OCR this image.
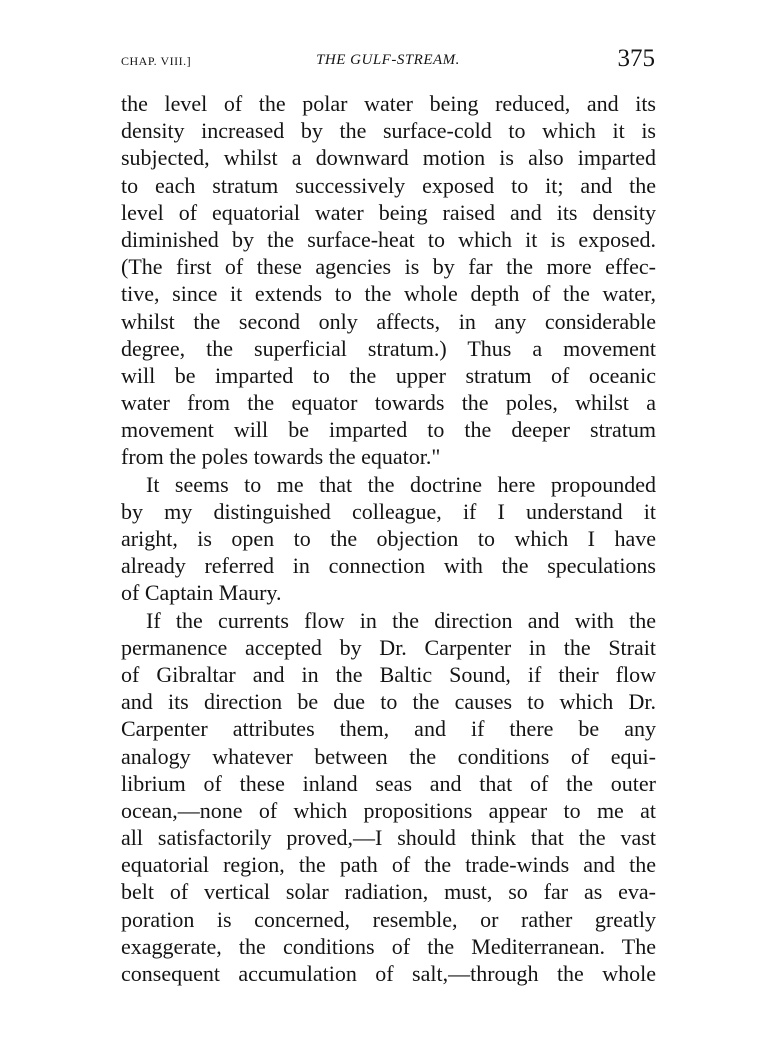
CHAP. VIII.]	THE GULF-STREAM.	375
the level of the polar water being reduced, and its
density increased by the surface-cold to which it is
subjected, whilst a downward motion is also imparted
to each stratum successively exposed to it; and the
level of equatorial water being raised and its density
diminished by the surface-heat to which it is exposed.
(The first of these agencies is by far the more effec-
tive, since it extends to the whole depth of the water,
whilst the second only affects, in any considerable
degree, the superficial stratum.) Thus a movement
will be imparted to the upper stratum of oceanic
water from the equator towards the poles, whilst a
movement will be imparted to the deeper stratum
from the poles towards the equator."
It seems to me that the doctrine here propounded
by my distinguished colleague, if I understand it
aright, is open to the objection to which I have
already referred in connection with the speculations
of Captain Maury.
If the currents flow in the direction and with the
permanence accepted by Dr. Carpenter in the Strait
of Gibraltar and in the Baltic Sound, if their flow
and its direction be due to the causes to which Dr.
Carpenter attributes them, and if there be any
analogy whatever between the conditions of equi-
librium of these inland seas and that of the outer
ocean,—none of which propositions appear to me at
all satisfactorily proved,—I should think that the vast
equatorial region, the path of the trade-winds and the
belt of vertical solar radiation, must, so far as eva-
poration is concerned, resemble, or rather greatly
exaggerate, the conditions of the Mediterranean. The
consequent accumulation of salt,—through the whole
